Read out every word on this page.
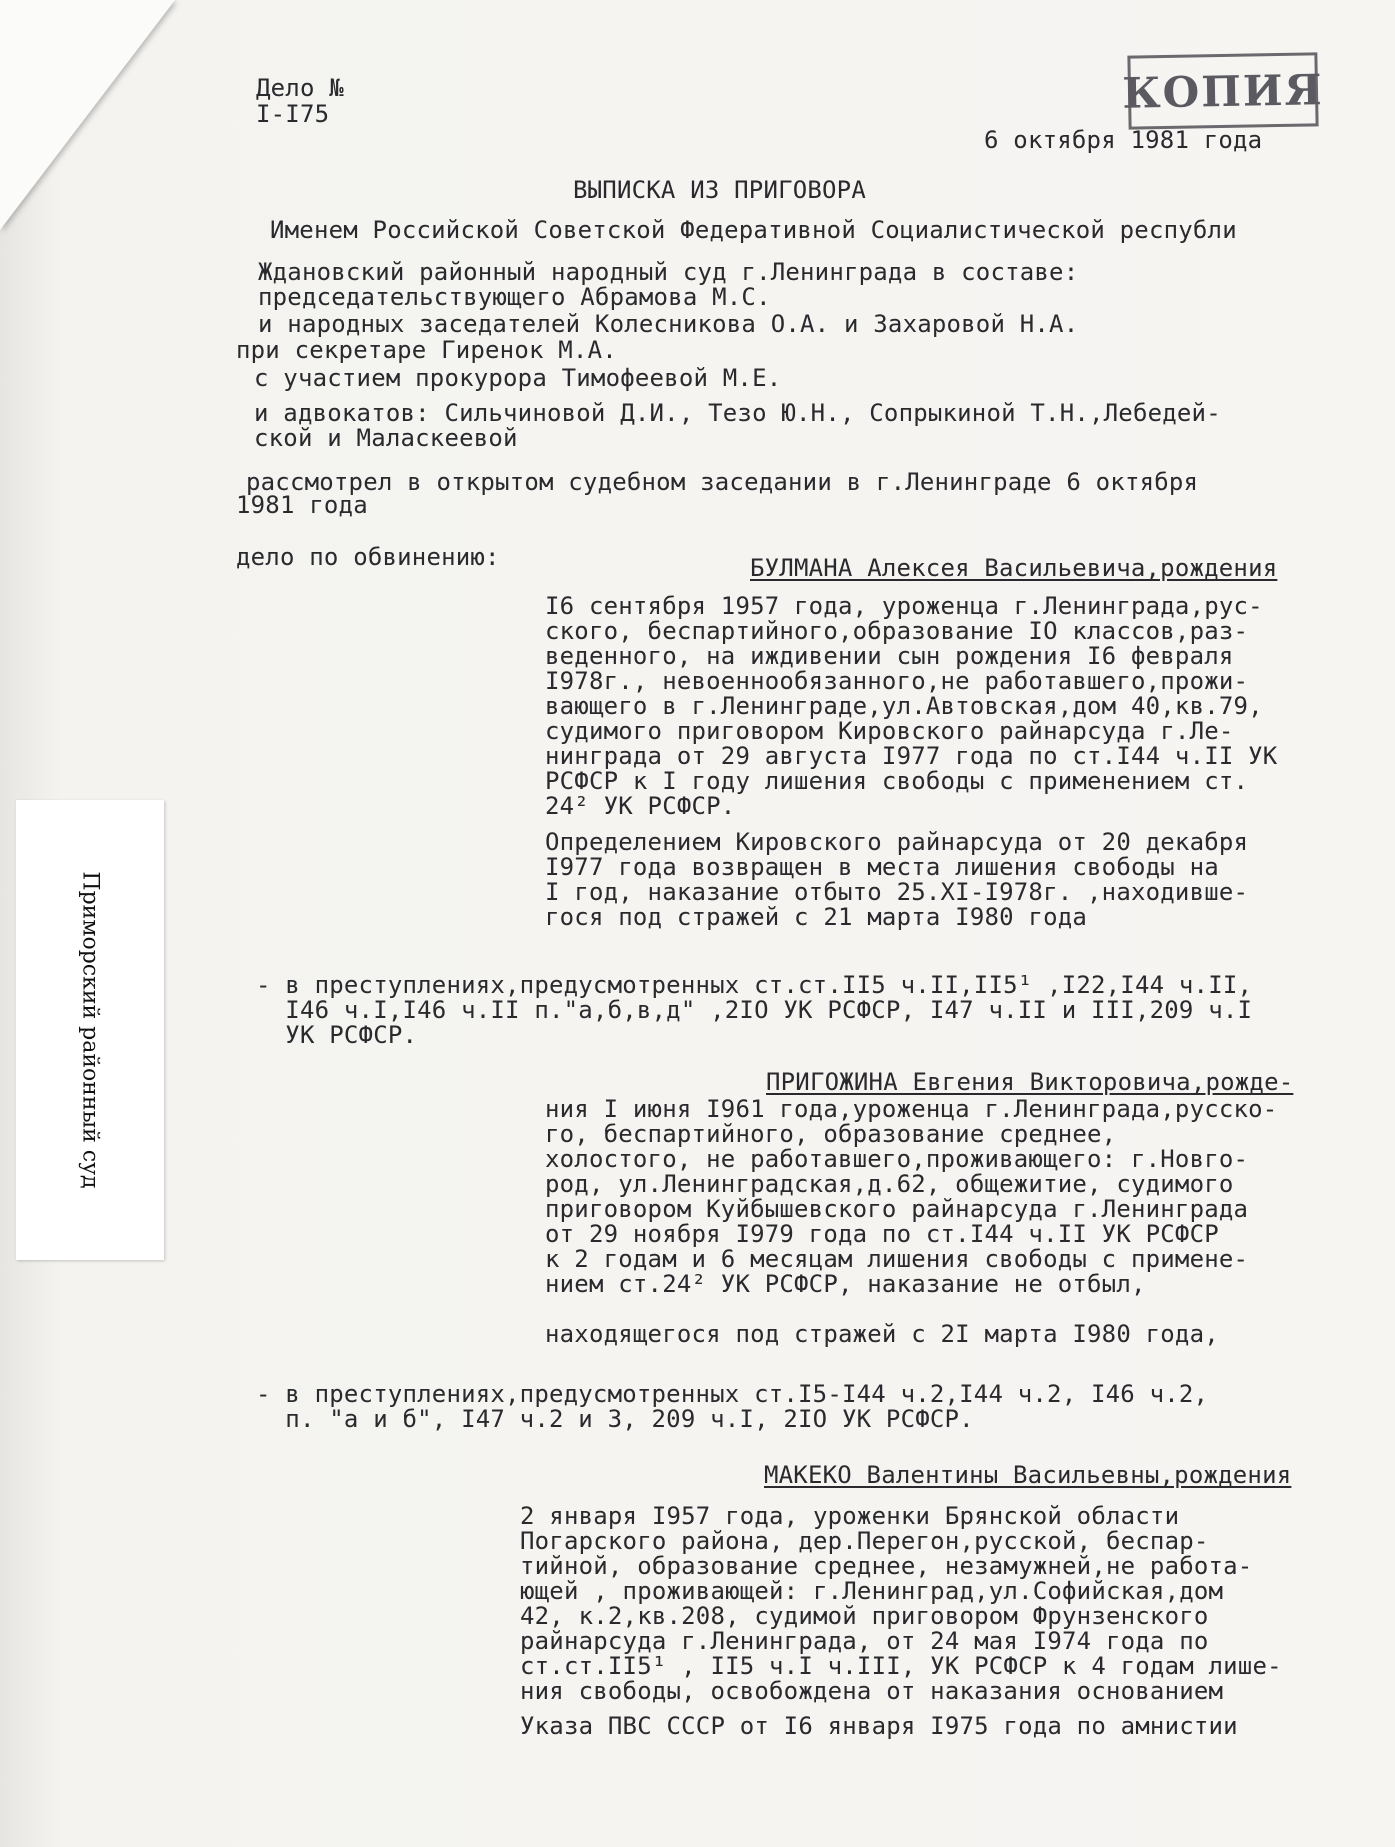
Дело №
I-I75	КОПИЯ
6 октября 1981 года
ВЫПИСКА ИЗ ПРИГОВОРА
Именем Российской Советской Федеративной Социалистической республи
Ждановский районный народный суд г.Ленинграда в составе:
председательствующего Абрамова М.С.
и народных заседателей Колесникова О.А. и Захаровой Н.А.
при секретаре Гиренок М.А.
с участием прокурора Тимофеевой М.Е.
и адвокатов: Сильчиновой Д.И., Тезо Ю.Н., Сопрыкиной Т.Н.,Лебедей-
ской и Маласкеевой
рассмотрел в открытом судебном заседании в г.Ленинграде 6 октября
1981 года
дело по обвинению:	БУЛМАНА Алексея Васильевича,рождения
I6 сентября 1957 года, уроженца г.Ленинграда,рус-
ского, беспартийного,образование IО классов,раз-
веденного, на иждивении сын рождения I6 февраля
I978г., невоеннообязанного,не работавшего,прожи-
вающего в г.Ленинграде,ул.Автовская,дом 40,кв.79,
судимого приговором Кировского райнарсуда г.Ле-
нинграда от 29 августа I977 года по ст.I44 ч.II УК
РСФСР к I году лишения свободы с применением ст.
24² УК РСФСР.
Определением Кировского райнарсуда от 20 декабря
I977 года возвращен в места лишения свободы на
I год, наказание отбыто 25.XI-I978г. ,находивше-
гося под стражей с 21 марта I980 года
- в преступлениях,предусмотренных ст.ст.II5 ч.II,II5¹ ,I22,I44 ч.II,
I46 ч.I,I46 ч.II п."а,б,в,д" ,2IО УК РСФСР, I47 ч.II и III,209 ч.I
УК РСФСР.
ПРИГОЖИНА Евгения Викторовича,рожде-
ния I июня I961 года,уроженца г.Ленинграда,русско-
го, беспартийного, образование среднее,
холостого, не работавшего,проживающего: г.Новго-
род, ул.Ленинградская,д.62, общежитие, судимого
приговором Куйбышевского райнарсуда г.Ленинграда
от 29 ноября I979 года по ст.I44 ч.II УК РСФСР
к 2 годам и 6 месяцам лишения свободы с примене-
нием ст.24² УК РСФСР, наказание не отбыл,
находящегося под стражей с 2I марта I980 года,
- в преступлениях,предусмотренных ст.I5-I44 ч.2,I44 ч.2, I46 ч.2,
п. "а и б", I47 ч.2 и 3, 209 ч.I, 2IО УК РСФСР.
МАКЕКО Валентины Васильевны,рождения
2 января I957 года, уроженки Брянской области
Погарского района, дер.Перегон,русской, беспар-
тийной, образование среднее, незамужней,не работа-
ющей , проживающей: г.Ленинград,ул.Софийская,дом
42, к.2,кв.208, судимой приговором Фрунзенского
райнарсуда г.Ленинграда, от 24 мая I974 года по
ст.ст.II5¹ , II5 ч.I ч.III, УК РСФСР к 4 годам лише-
ния свободы, освобождена от наказания основанием
Указа ПВС СССР от I6 января I975 года по амнистии
Приморский районный суд
